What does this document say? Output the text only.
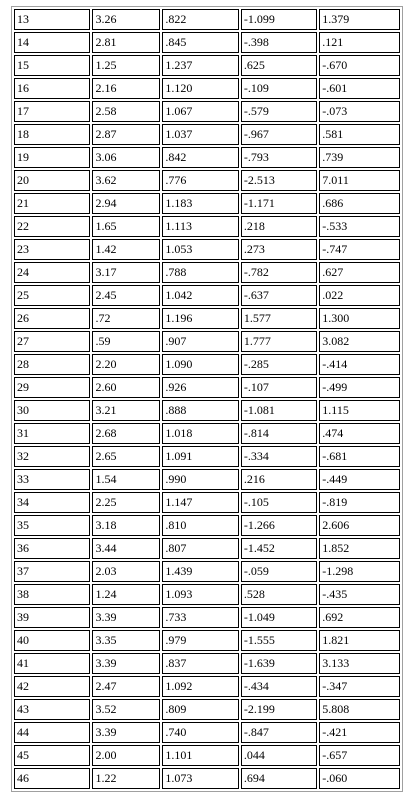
13	3.26	.822	-1.099	1.379
14	2.81	.845	-.398	.121
15	1.25	1.237	.625	-.670
16	2.16	1.120	-.109	-.601
17	2.58	1.067	-.579	-.073
18	2.87	1.037	-.967	.581
19	3.06	.842	-.793	.739
20	3.62	.776	-2.513	7.011
21	2.94	1.183	-1.171	.686
22	1.65	1.113	.218	-.533
23	1.42	1.053	.273	-.747
24	3.17	.788	-.782	.627
25	2.45	1.042	-.637	.022
26	.72	1.196	1.577	1.300
27	.59	.907	1.777	3.082
28	2.20	1.090	-.285	-.414
29	2.60	.926	-.107	-.499
30	3.21	.888	-1.081	1.115
31	2.68	1.018	-.814	.474
32	2.65	1.091	-.334	-.681
33	1.54	.990	.216	-.449
34	2.25	1.147	-.105	-.819
35	3.18	.810	-1.266	2.606
36	3.44	.807	-1.452	1.852
37	2.03	1.439	-.059	-1.298
38	1.24	1.093	.528	-.435
39	3.39	.733	-1.049	.692
40	3.35	.979	-1.555	1.821
41	3.39	.837	-1.639	3.133
42	2.47	1.092	-.434	-.347
43	3.52	.809	-2.199	5.808
44	3.39	.740	-.847	-.421
45	2.00	1.101	.044	-.657
46	1.22	1.073	.694	-.060
